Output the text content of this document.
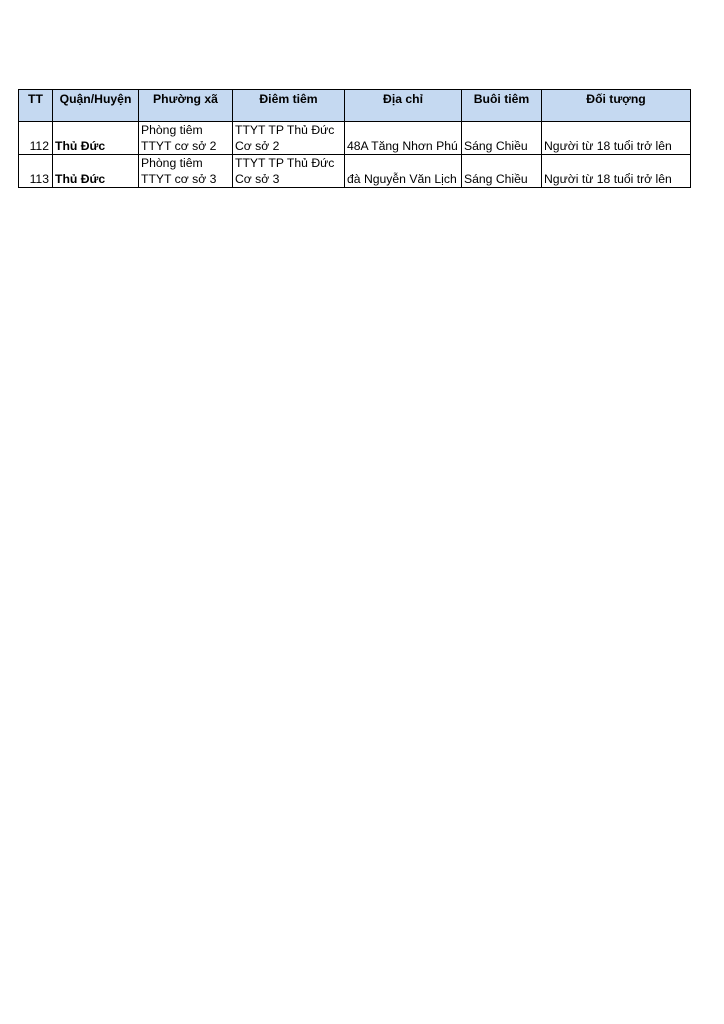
TT	Quận/Huyện	Phường xã	Điêm tiêm	Địa chỉ	Buôi tiêm	Đối tượng
112	Thủ Đức	Phòng tiêm TTYT cơ sở 2	TTYT TP Thủ Đức Cơ sở 2	48A Tăng Nhơn Phú	Sáng Chiều	Người từ 18 tuổi trở lên
113	Thủ Đức	Phòng tiêm TTYT cơ sở 3	TTYT TP Thủ Đức Cơ sở 3	đà Nguyễn Văn Lịch	Sáng Chiều	Người từ 18 tuổi trở lên
